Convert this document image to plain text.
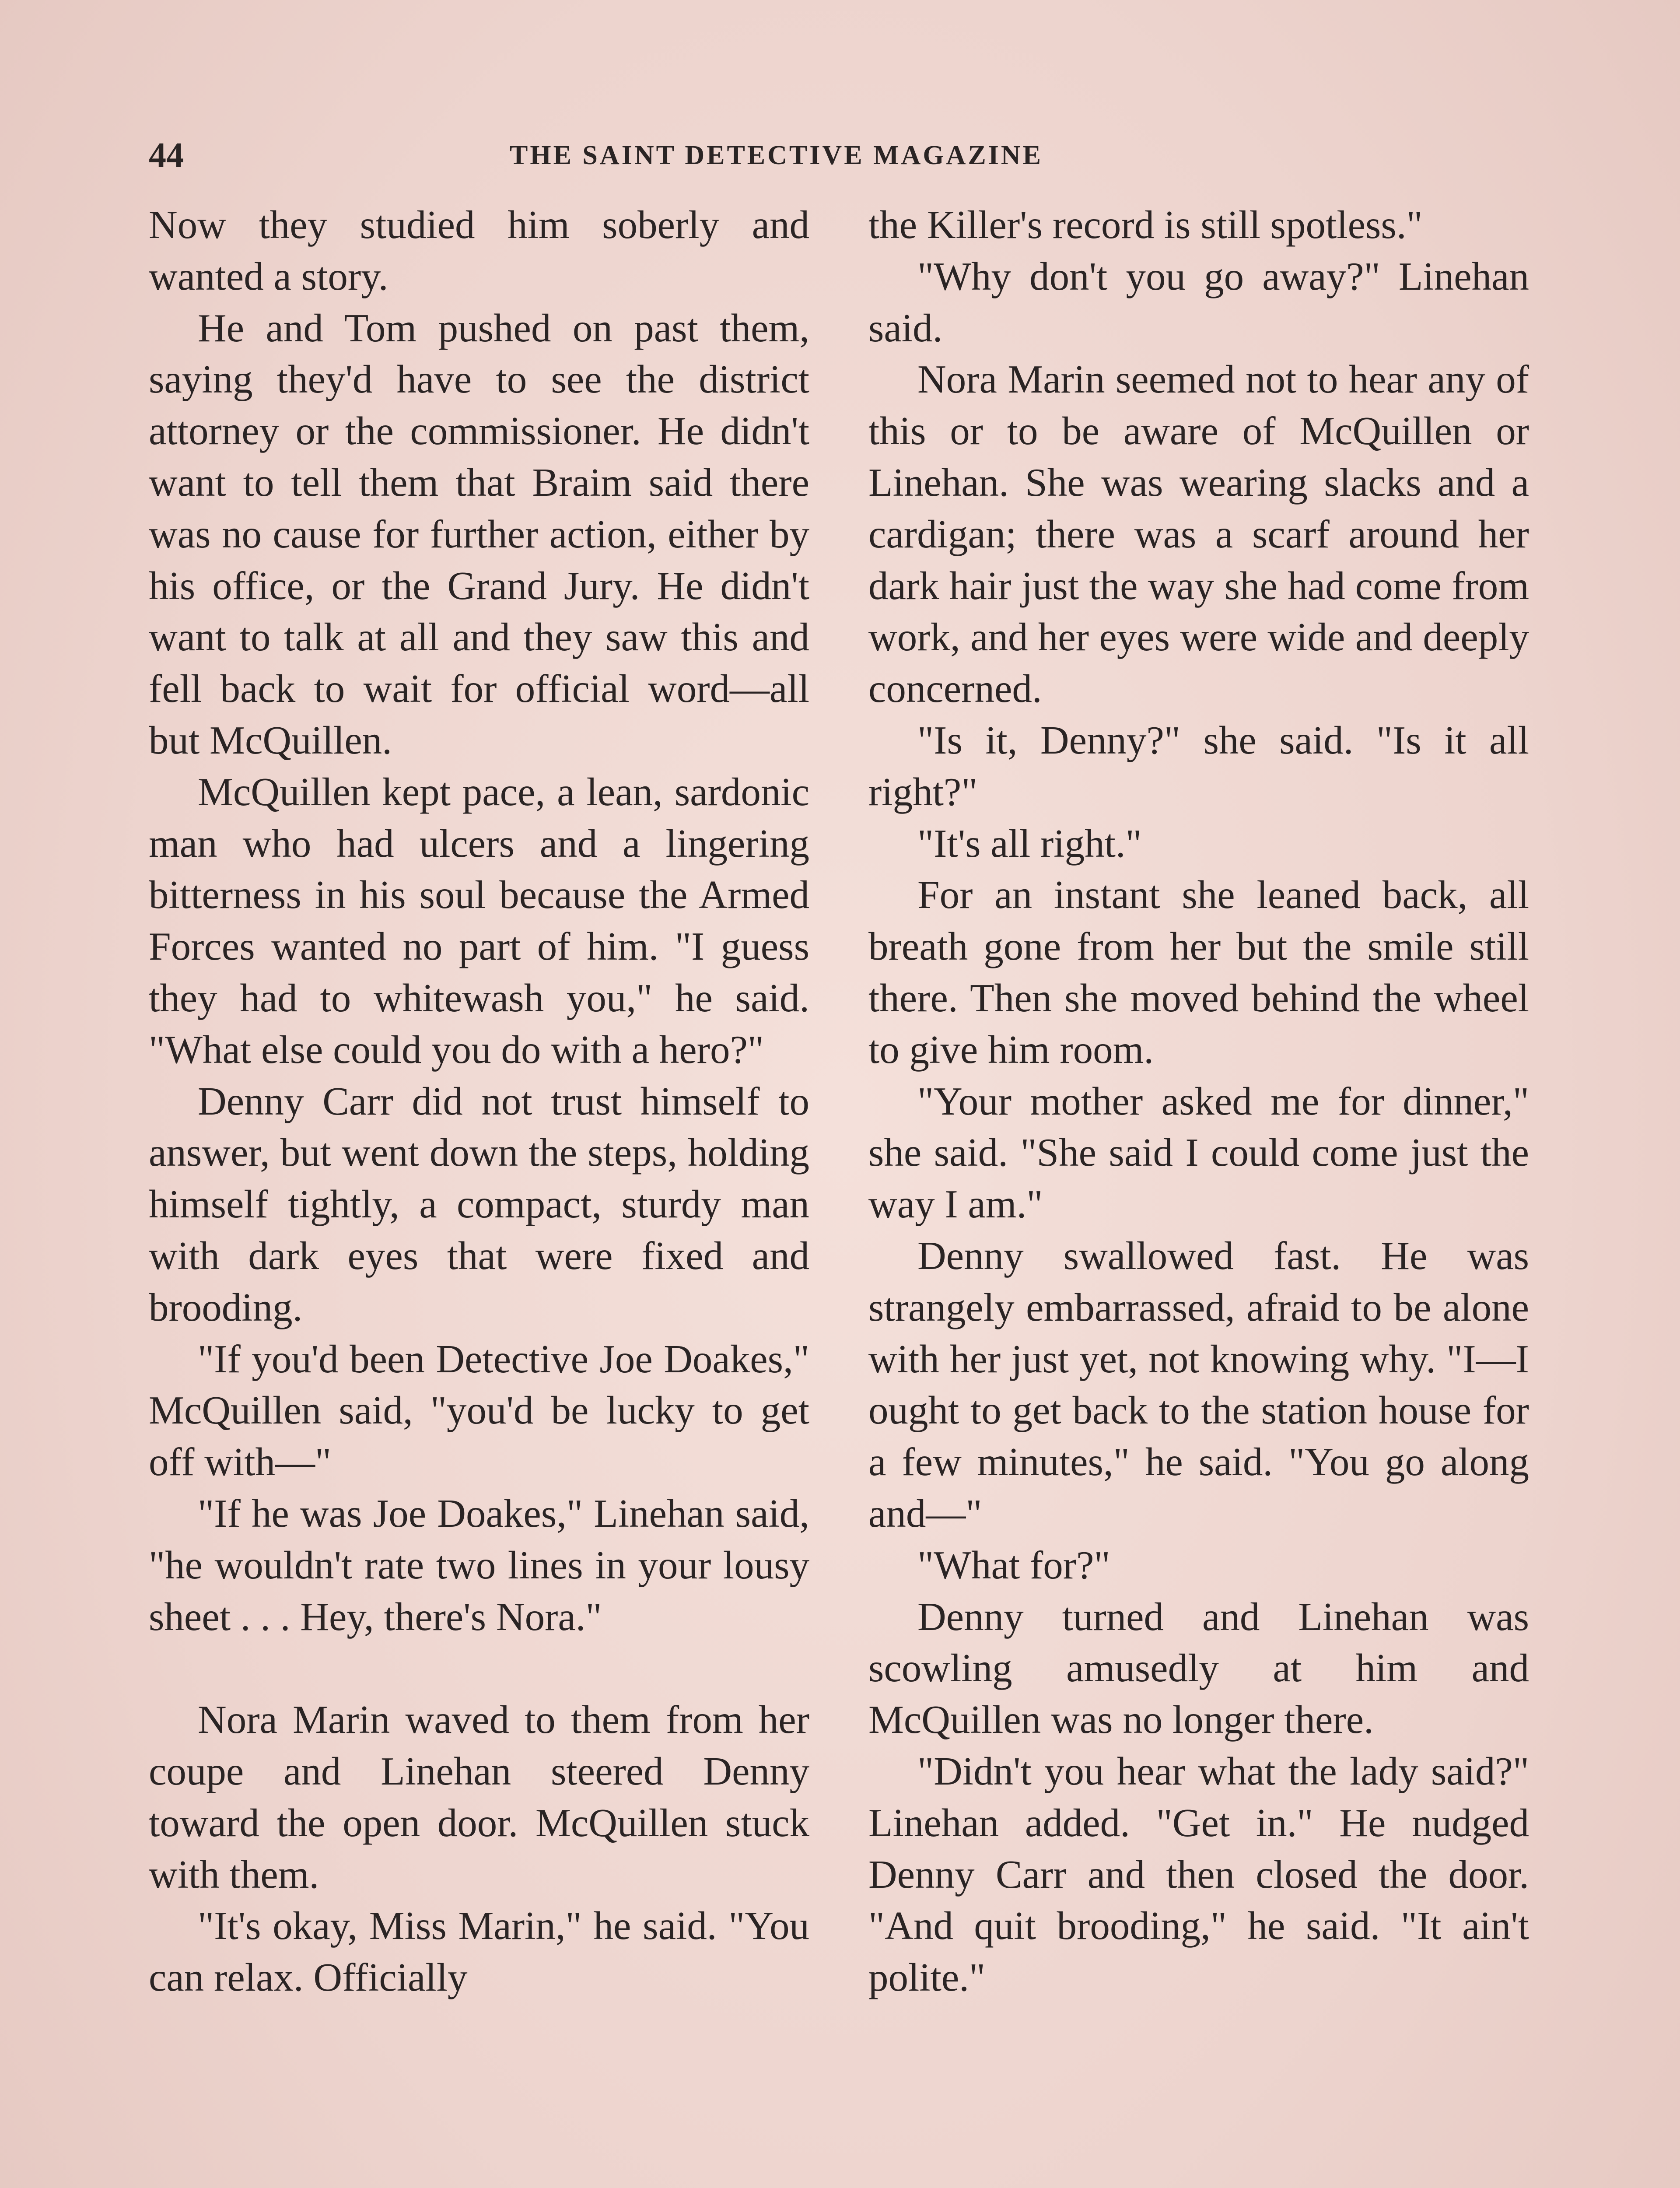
44	THE SAINT DETECTIVE MAGAZINE

Now they studied him soberly and wanted a story.

He and Tom pushed on past them, saying they'd have to see the district attorney or the commissioner. He didn't want to tell them that Braim said there was no cause for further action, either by his office, or the Grand Jury. He didn't want to talk at all and they saw this and fell back to wait for official word—all but McQuillen.

McQuillen kept pace, a lean, sardonic man who had ulcers and a lingering bitterness in his soul because the Armed Forces wanted no part of him. "I guess they had to whitewash you," he said. "What else could you do with a hero?"

Denny Carr did not trust himself to answer, but went down the steps, holding himself tightly, a compact, sturdy man with dark eyes that were fixed and brooding.

"If you'd been Detective Joe Doakes," McQuillen said, "you'd be lucky to get off with—"

"If he was Joe Doakes," Linehan said, "he wouldn't rate two lines in your lousy sheet . . . Hey, there's Nora."

Nora Marin waved to them from her coupe and Linehan steered Denny toward the open door. McQuillen stuck with them.

"It's okay, Miss Marin," he said. "You can relax. Officially

the Killer's record is still spotless."

"Why don't you go away?" Linehan said.

Nora Marin seemed not to hear any of this or to be aware of McQuillen or Linehan. She was wearing slacks and a cardigan; there was a scarf around her dark hair just the way she had come from work, and her eyes were wide and deeply concerned.

"Is it, Denny?" she said. "Is it all right?"

"It's all right."

For an instant she leaned back, all breath gone from her but the smile still there. Then she moved behind the wheel to give him room.

"Your mother asked me for dinner," she said. "She said I could come just the way I am."

Denny swallowed fast. He was strangely embarrassed, afraid to be alone with her just yet, not knowing why. "I—I ought to get back to the station house for a few minutes," he said. "You go along and—"

"What for?"

Denny turned and Linehan was scowling amusedly at him and McQuillen was no longer there.

"Didn't you hear what the lady said?" Linehan added. "Get in." He nudged Denny Carr and then closed the door. "And quit brooding," he said. "It ain't polite."
